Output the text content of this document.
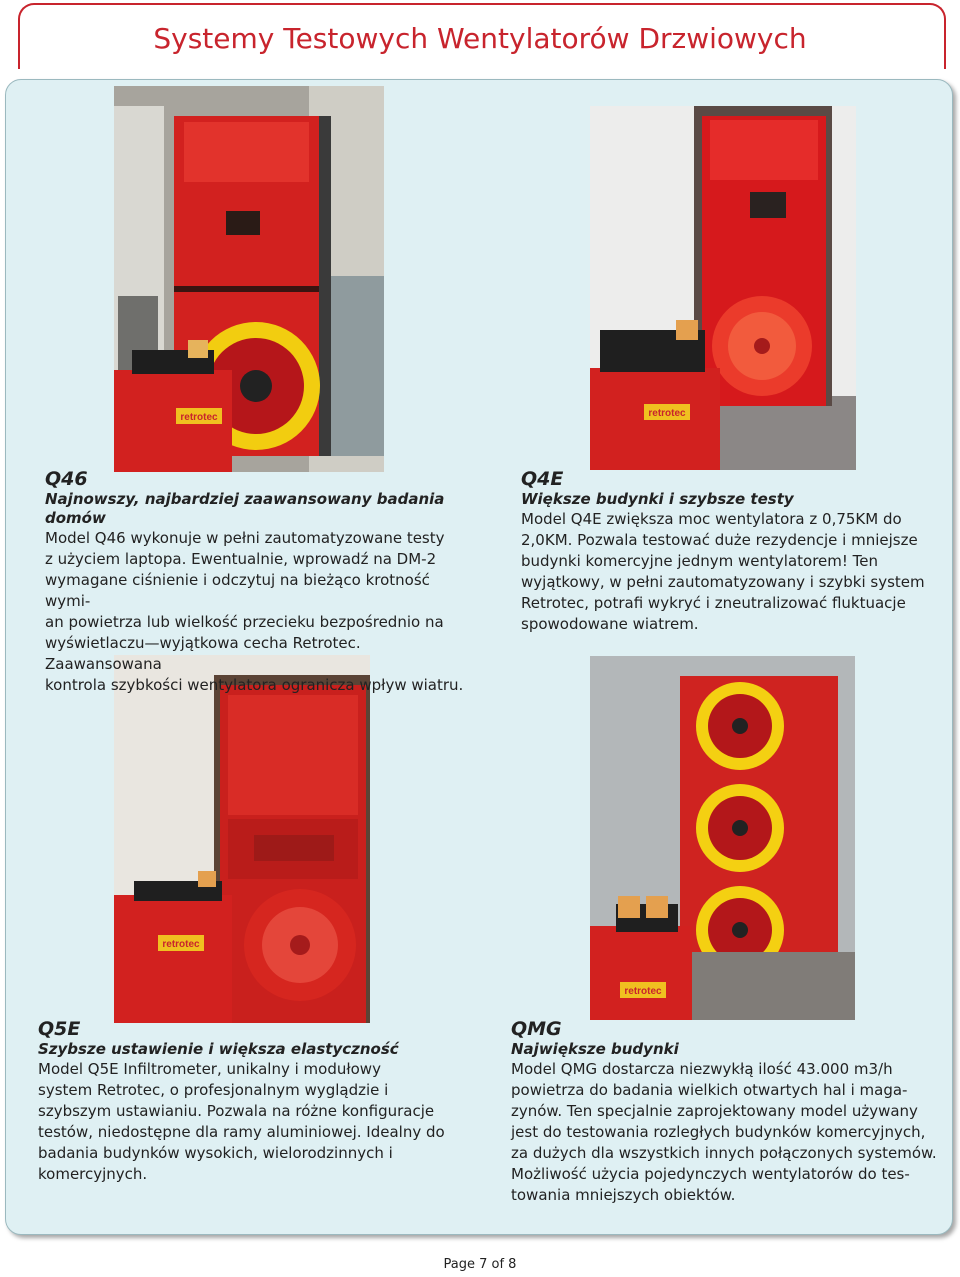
Systemy Testowych Wentylatorów Drzwiowych
retrotec	retrotec
retrotec
retrotec
Q46
Najnowszy, najbardziej zaawansowany badania domów

Model Q46 wykonuje w pełni zautomatyzowane testy
z użyciem laptopa. Ewentualnie, wprowadź na DM-2
wymagane ciśnienie i odczytuj na bieżąco krotność wymi-
an powietrza lub wielkość przecieku bezpośrednio na
wyświetlaczu—wyjątkowa cecha Retrotec. Zaawansowana
kontrola szybkości wentylatora ogranicza wpływ wiatru.

Q4E
Większe budynki i szybsze testy

Model Q4E zwiększa moc wentylatora z 0,75KM do
2,0KM. Pozwala testować duże rezydencje i mniejsze
budynki komercyjne jednym wentylatorem! Ten
wyjątkowy, w pełni zautomatyzowany i szybki system
Retrotec, potrafi wykryć i zneutralizować fluktuacje
spowodowane wiatrem.

Q5E
Szybsze ustawienie i większa elastyczność

Model Q5E Infiltrometer, unikalny i modułowy
system Retrotec, o profesjonalnym wyglądzie i
szybszym ustawianiu. Pozwala na różne konfiguracje
testów, niedostępne dla ramy aluminiowej. Idealny do
badania budynków wysokich, wielorodzinnych i
komercyjnych.

QMG
Największe budynki

Model QMG dostarcza niezwykłą ilość 43.000 m3/h
powietrza do badania wielkich otwartych hal i maga-
zynów. Ten specjalnie zaprojektowany model używany
jest do testowania rozległych budynków komercyjnych,
za dużych dla wszystkich innych połączonych systemów.
Możliwość użycia pojedynczych wentylatorów do tes-
towania mniejszych obiektów.

Page 7 of 8
